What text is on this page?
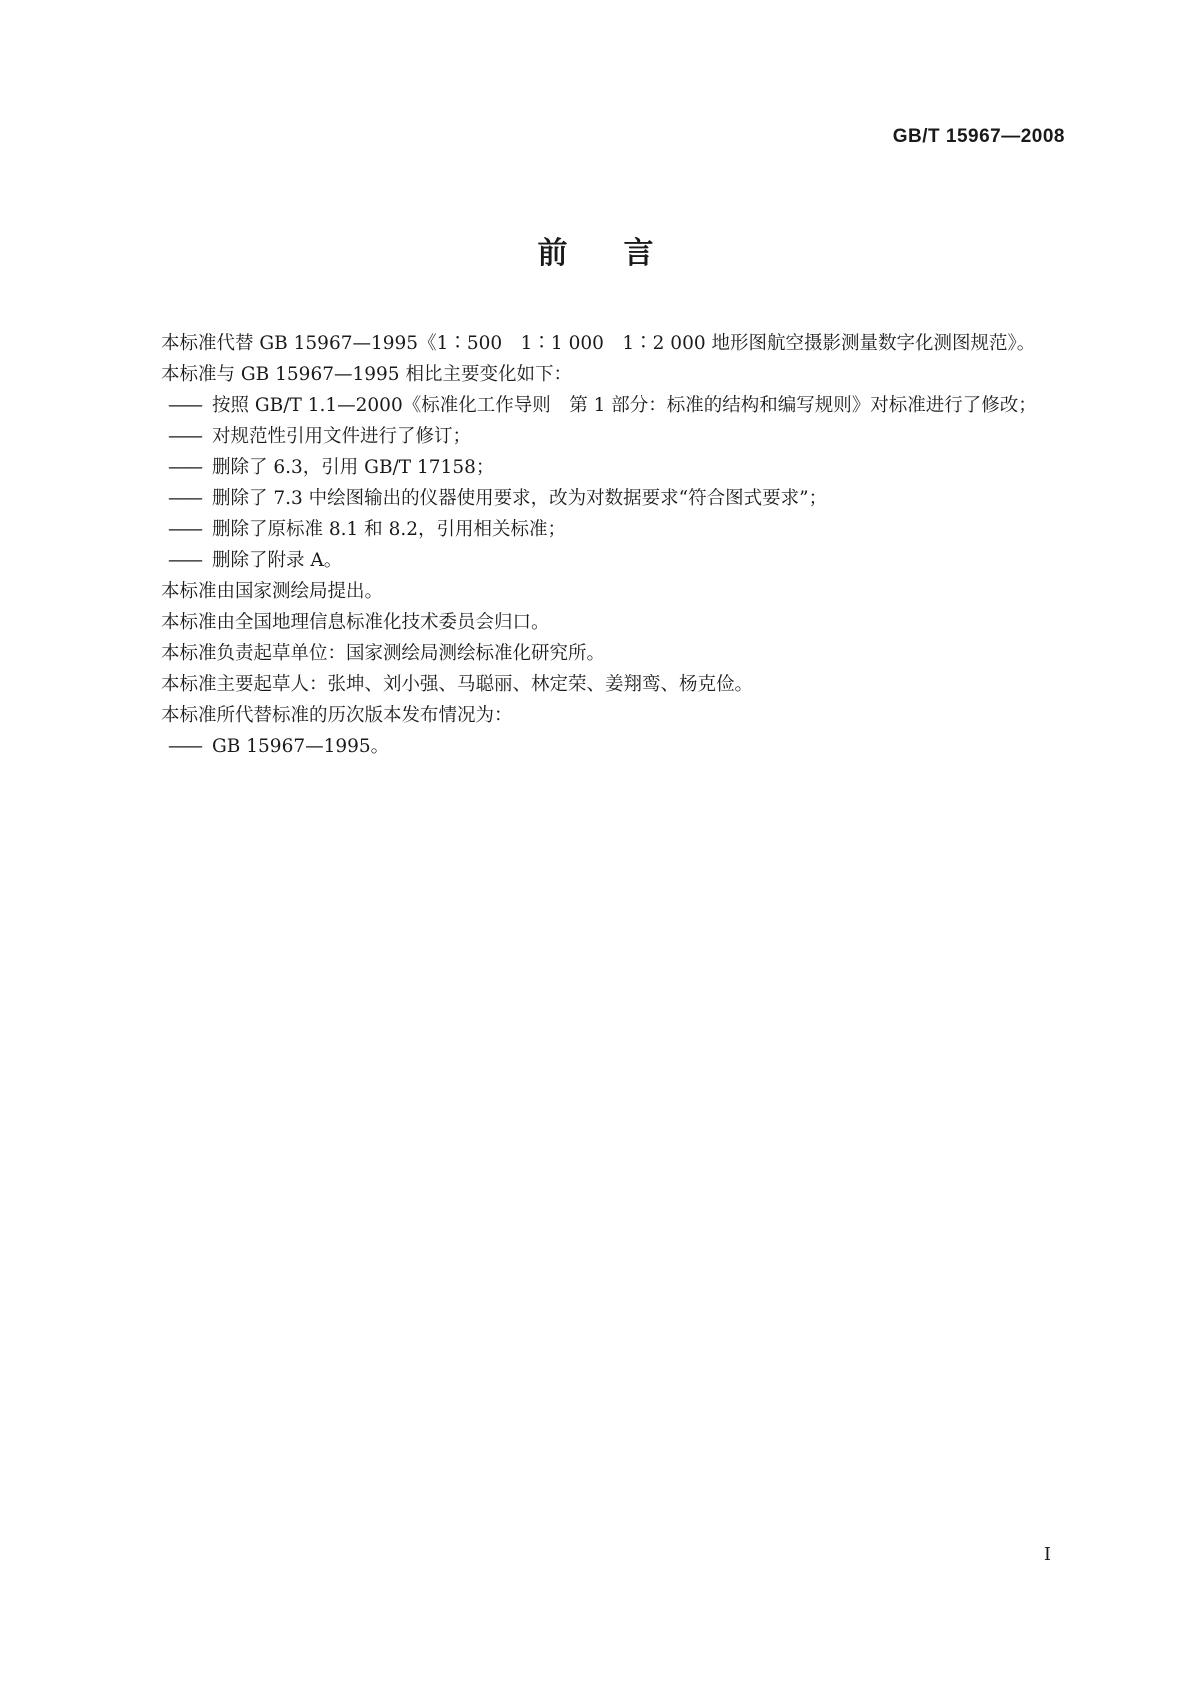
GB/T 15967—2008
前 言

本标准代替 GB 15967—1995《1∶500　1∶1 000　1∶2 000 地形图航空摄影测量数字化测图规范》。

本标准与 GB 15967—1995 相比主要变化如下：

—— 按照 GB/T 1.1—2000《标准化工作导则　第 1 部分：标准的结构和编写规则》对标准进行了修改；

—— 对规范性引用文件进行了修订；

—— 删除了 6.3，引用 GB/T 17158；

—— 删除了 7.3 中绘图输出的仪器使用要求，改为对数据要求“符合图式要求”；

—— 删除了原标准 8.1 和 8.2，引用相关标准；

—— 删除了附录 A。

本标准由国家测绘局提出。

本标准由全国地理信息标准化技术委员会归口。

本标准负责起草单位：国家测绘局测绘标准化研究所。

本标准主要起草人：张坤、刘小强、马聪丽、林定荣、姜翔鸾、杨克俭。

本标准所代替标准的历次版本发布情况为：

—— GB 15967—1995。

I
